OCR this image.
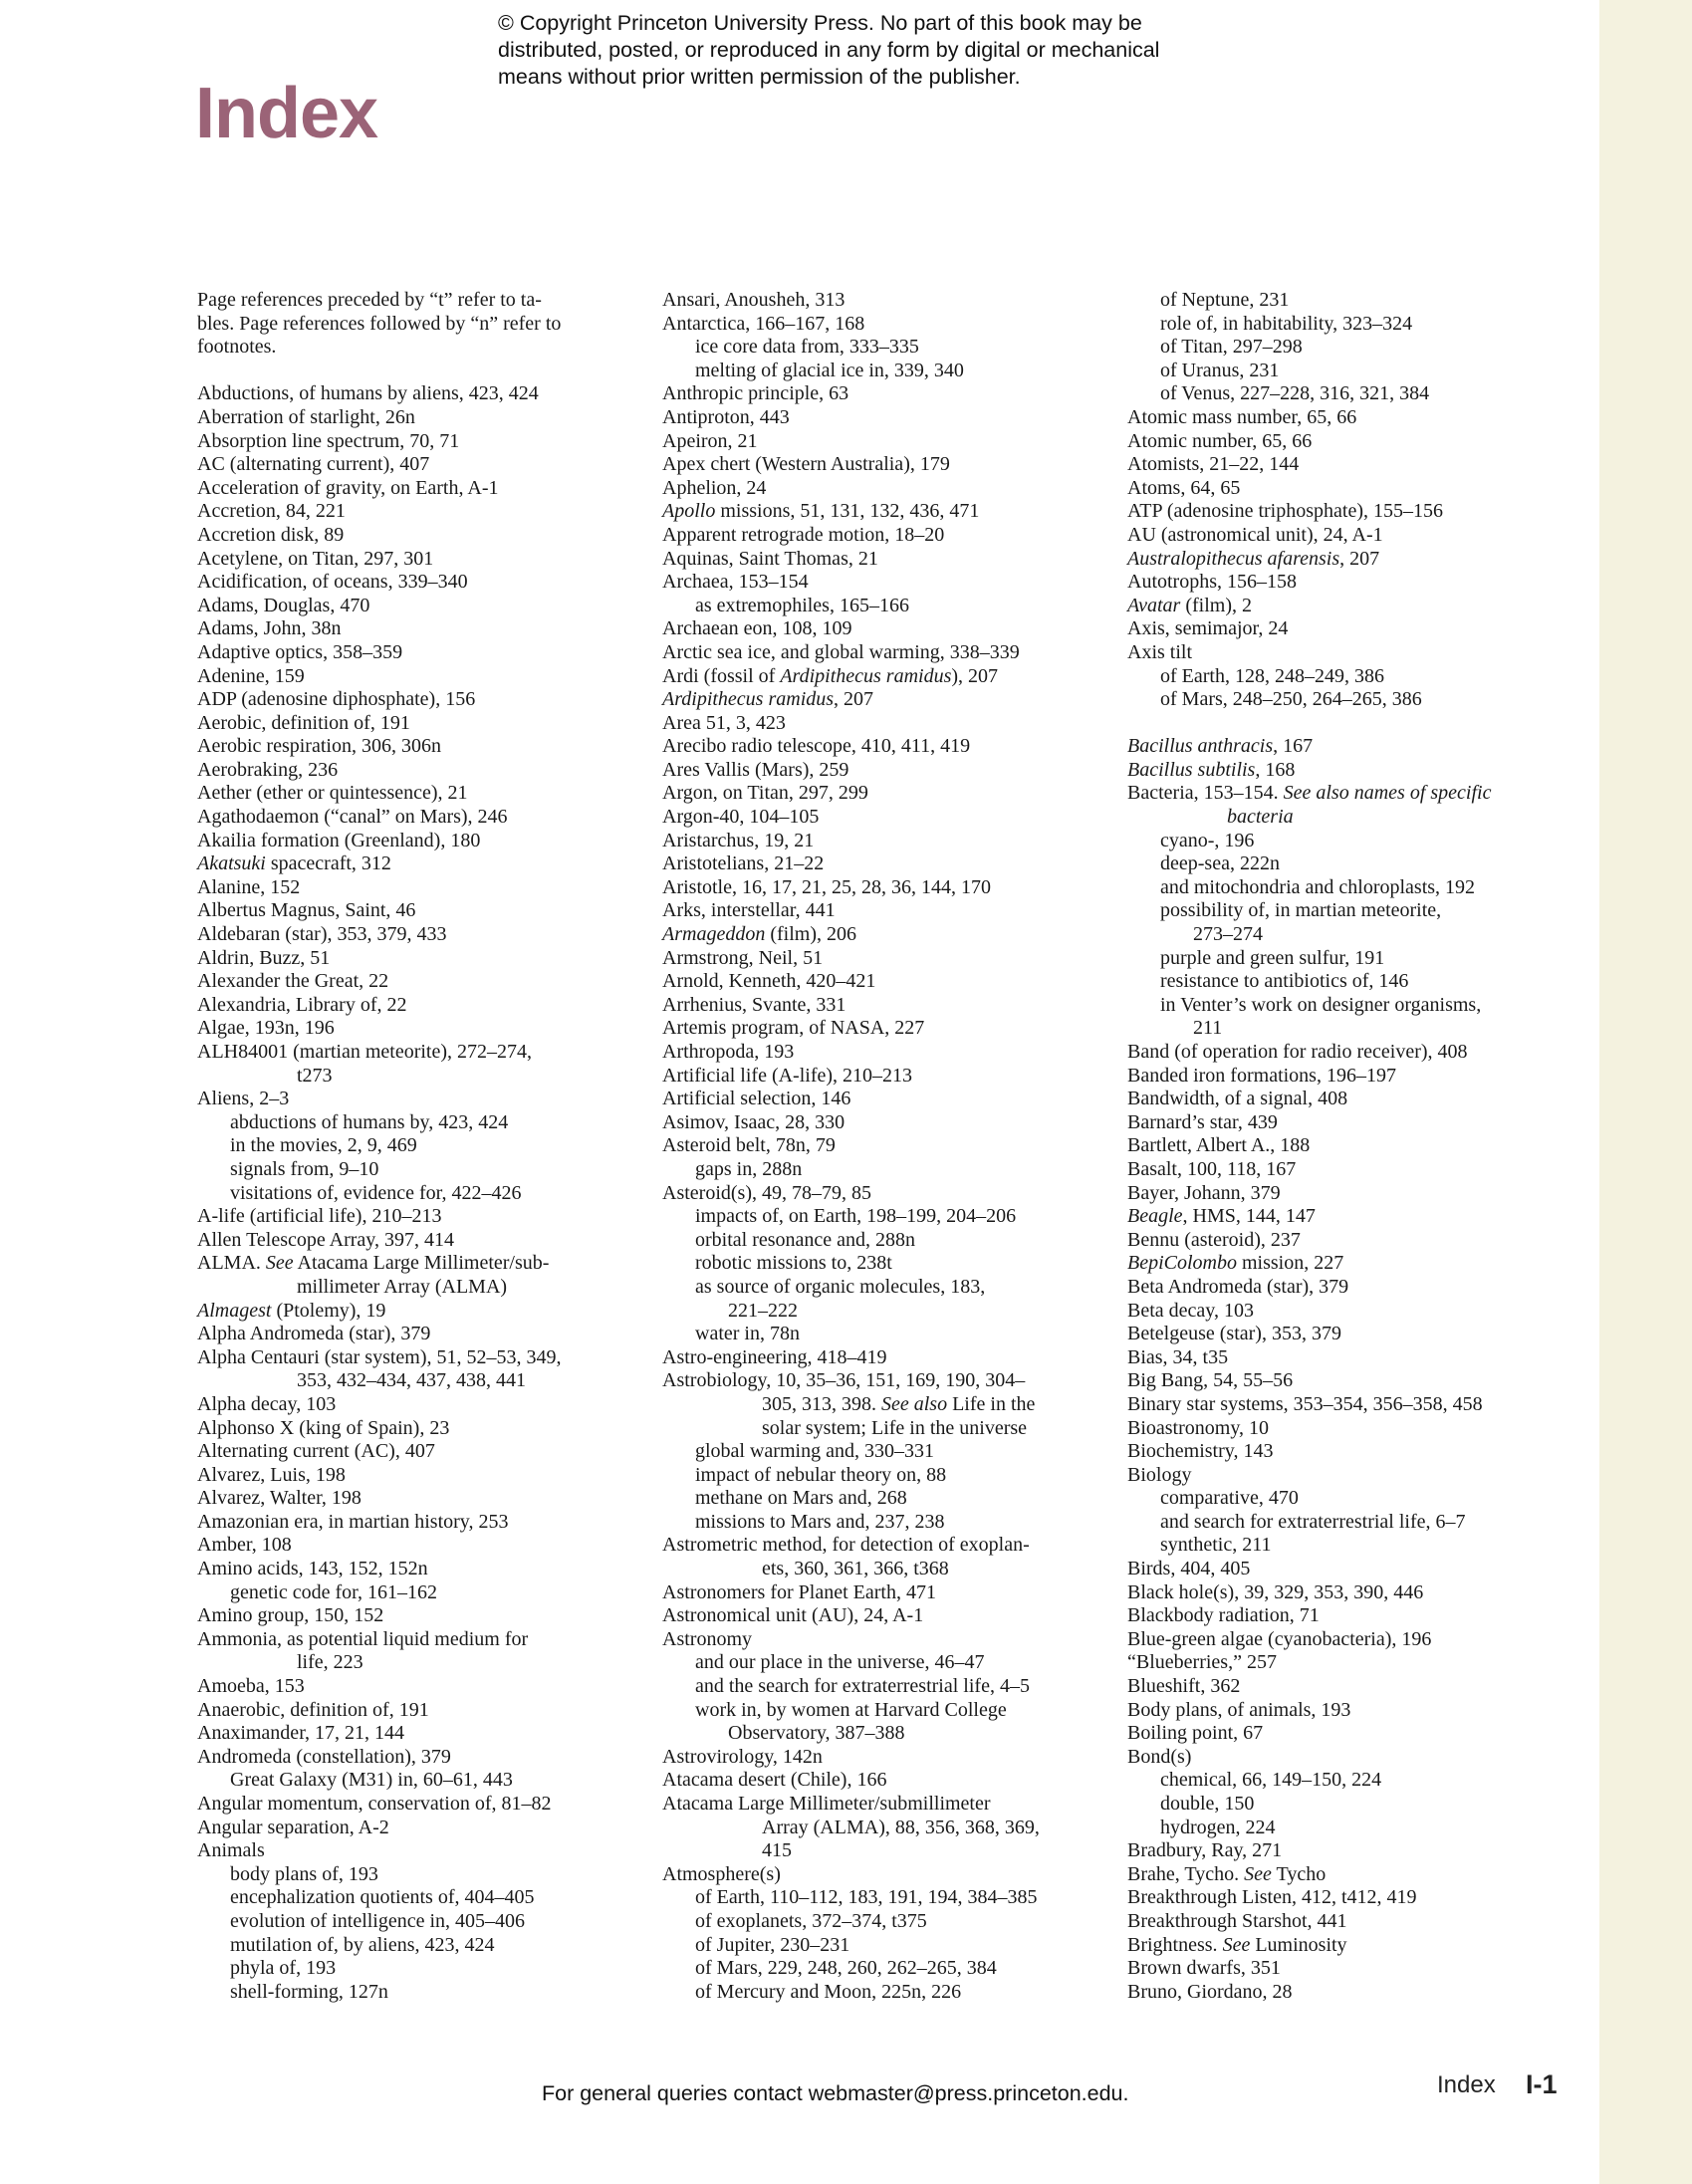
© Copyright Princeton University Press. No part of this book may be
distributed, posted, or reproduced in any form by digital or mechanical
means without prior written permission of the publisher.
Index
Page references preceded by “t” refer to ta-
bles. Page references followed by “n” refer to
footnotes.
Abductions, of humans by aliens, 423, 424
Aberration of starlight, 26n
Absorption line spectrum, 70, 71
AC (alternating current), 407
Acceleration of gravity, on Earth, A-1
Accretion, 84, 221
Accretion disk, 89
Acetylene, on Titan, 297, 301
Acidification, of oceans, 339–340
Adams, Douglas, 470
Adams, John, 38n
Adaptive optics, 358–359
Adenine, 159
ADP (adenosine diphosphate), 156
Aerobic, definition of, 191
Aerobic respiration, 306, 306n
Aerobraking, 236
Aether (ether or quintessence), 21
Agathodaemon (“canal” on Mars), 246
Akailia formation (Greenland), 180
Akatsuki spacecraft, 312
Alanine, 152
Albertus Magnus, Saint, 46
Aldebaran (star), 353, 379, 433
Aldrin, Buzz, 51
Alexander the Great, 22
Alexandria, Library of, 22
Algae, 193n, 196
ALH84001 (martian meteorite), 272–274,
t273
Aliens, 2–3
abductions of humans by, 423, 424
in the movies, 2, 9, 469
signals from, 9–10
visitations of, evidence for, 422–426
A-life (artificial life), 210–213
Allen Telescope Array, 397, 414
ALMA. See Atacama Large Millimeter/sub-
millimeter Array (ALMA)
Almagest (Ptolemy), 19
Alpha Andromeda (star), 379
Alpha Centauri (star system), 51, 52–53, 349,
353, 432–434, 437, 438, 441
Alpha decay, 103
Alphonso X (king of Spain), 23
Alternating current (AC), 407
Alvarez, Luis, 198
Alvarez, Walter, 198
Amazonian era, in martian history, 253
Amber, 108
Amino acids, 143, 152, 152n
genetic code for, 161–162
Amino group, 150, 152
Ammonia, as potential liquid medium for
life, 223
Amoeba, 153
Anaerobic, definition of, 191
Anaximander, 17, 21, 144
Andromeda (constellation), 379
Great Galaxy (M31) in, 60–61, 443
Angular momentum, conservation of, 81–82
Angular separation, A-2
Animals
body plans of, 193
encephalization quotients of, 404–405
evolution of intelligence in, 405–406
mutilation of, by aliens, 423, 424
phyla of, 193
shell-forming, 127n
Ansari, Anousheh, 313
Antarctica, 166–167, 168
ice core data from, 333–335
melting of glacial ice in, 339, 340
Anthropic principle, 63
Antiproton, 443
Apeiron, 21
Apex chert (Western Australia), 179
Aphelion, 24
Apollo missions, 51, 131, 132, 436, 471
Apparent retrograde motion, 18–20
Aquinas, Saint Thomas, 21
Archaea, 153–154
as extremophiles, 165–166
Archaean eon, 108, 109
Arctic sea ice, and global warming, 338–339
Ardi (fossil of Ardipithecus ramidus), 207
Ardipithecus ramidus, 207
Area 51, 3, 423
Arecibo radio telescope, 410, 411, 419
Ares Vallis (Mars), 259
Argon, on Titan, 297, 299
Argon-40, 104–105
Aristarchus, 19, 21
Aristotelians, 21–22
Aristotle, 16, 17, 21, 25, 28, 36, 144, 170
Arks, interstellar, 441
Armageddon (film), 206
Armstrong, Neil, 51
Arnold, Kenneth, 420–421
Arrhenius, Svante, 331
Artemis program, of NASA, 227
Arthropoda, 193
Artificial life (A-life), 210–213
Artificial selection, 146
Asimov, Isaac, 28, 330
Asteroid belt, 78n, 79
gaps in, 288n
Asteroid(s), 49, 78–79, 85
impacts of, on Earth, 198–199, 204–206
orbital resonance and, 288n
robotic missions to, 238t
as source of organic molecules, 183,
221–222
water in, 78n
Astro-engineering, 418–419
Astrobiology, 10, 35–36, 151, 169, 190, 304–
305, 313, 398. See also Life in the
solar system; Life in the universe
global warming and, 330–331
impact of nebular theory on, 88
methane on Mars and, 268
missions to Mars and, 237, 238
Astrometric method, for detection of exoplan-
ets, 360, 361, 366, t368
Astronomers for Planet Earth, 471
Astronomical unit (AU), 24, A-1
Astronomy
and our place in the universe, 46–47
and the search for extraterrestrial life, 4–5
work in, by women at Harvard College
Observatory, 387–388
Astrovirology, 142n
Atacama desert (Chile), 166
Atacama Large Millimeter/submillimeter
Array (ALMA), 88, 356, 368, 369,
415
Atmosphere(s)
of Earth, 110–112, 183, 191, 194, 384–385
of exoplanets, 372–374, t375
of Jupiter, 230–231
of Mars, 229, 248, 260, 262–265, 384
of Mercury and Moon, 225n, 226
of Neptune, 231
role of, in habitability, 323–324
of Titan, 297–298
of Uranus, 231
of Venus, 227–228, 316, 321, 384
Atomic mass number, 65, 66
Atomic number, 65, 66
Atomists, 21–22, 144
Atoms, 64, 65
ATP (adenosine triphosphate), 155–156
AU (astronomical unit), 24, A-1
Australopithecus afarensis, 207
Autotrophs, 156–158
Avatar (film), 2
Axis, semimajor, 24
Axis tilt
of Earth, 128, 248–249, 386
of Mars, 248–250, 264–265, 386
Bacillus anthracis, 167
Bacillus subtilis, 168
Bacteria, 153–154. See also names of specific
bacteria
cyano-, 196
deep-sea, 222n
and mitochondria and chloroplasts, 192
possibility of, in martian meteorite,
273–274
purple and green sulfur, 191
resistance to antibiotics of, 146
in Venter’s work on designer organisms,
211
Band (of operation for radio receiver), 408
Banded iron formations, 196–197
Bandwidth, of a signal, 408
Barnard’s star, 439
Bartlett, Albert A., 188
Basalt, 100, 118, 167
Bayer, Johann, 379
Beagle, HMS, 144, 147
Bennu (asteroid), 237
BepiColombo mission, 227
Beta Andromeda (star), 379
Beta decay, 103
Betelgeuse (star), 353, 379
Bias, 34, t35
Big Bang, 54, 55–56
Binary star systems, 353–354, 356–358, 458
Bioastronomy, 10
Biochemistry, 143
Biology
comparative, 470
and search for extraterrestrial life, 6–7
synthetic, 211
Birds, 404, 405
Black hole(s), 39, 329, 353, 390, 446
Blackbody radiation, 71
Blue-green algae (cyanobacteria), 196
“Blueberries,” 257
Blueshift, 362
Body plans, of animals, 193
Boiling point, 67
Bond(s)
chemical, 66, 149–150, 224
double, 150
hydrogen, 224
Bradbury, Ray, 271
Brahe, Tycho. See Tycho
Breakthrough Listen, 412, t412, 419
Breakthrough Starshot, 441
Brightness. See Luminosity
Brown dwarfs, 351
Bruno, Giordano, 28
For general queries contact webmaster@press.princeton.edu.	Index I-1
